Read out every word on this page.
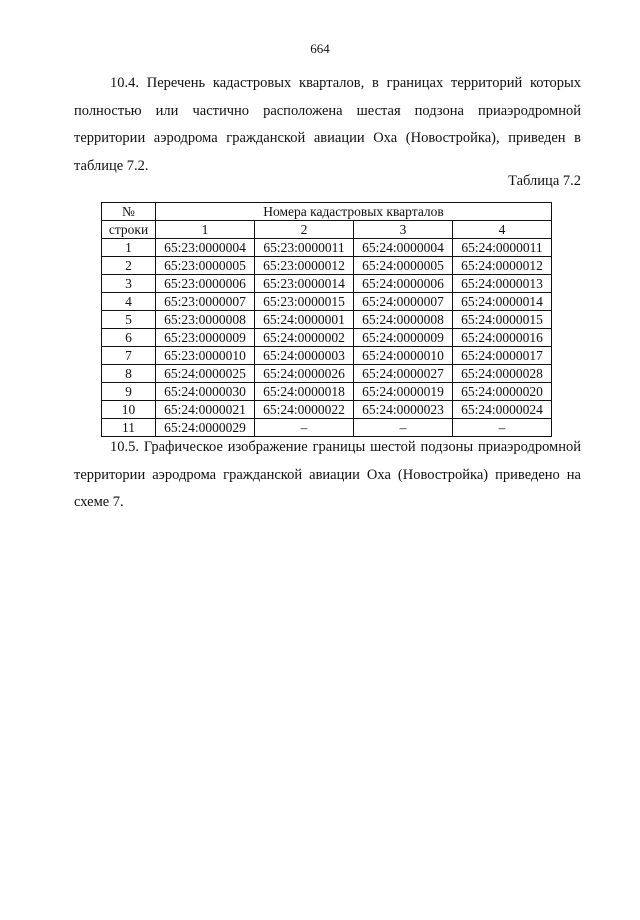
664

10.4. Перечень кадастровых кварталов, в границах территорий которых
полностью или частично расположена шестая подзона приаэродромной
территории аэродрома гражданской авиации Оха (Новостройка), приведен в
таблице 7.2.

Таблица 7.2
№	Номера кадастровых кварталов			
строки	1	2	3	4
1	65:23:0000004	65:23:0000011	65:24:0000004	65:24:0000011
2	65:23:0000005	65:23:0000012	65:24:0000005	65:24:0000012
3	65:23:0000006	65:23:0000014	65:24:0000006	65:24:0000013
4	65:23:0000007	65:23:0000015	65:24:0000007	65:24:0000014
5	65:23:0000008	65:24:0000001	65:24:0000008	65:24:0000015
6	65:23:0000009	65:24:0000002	65:24:0000009	65:24:0000016
7	65:23:0000010	65:24:0000003	65:24:0000010	65:24:0000017
8	65:24:0000025	65:24:0000026	65:24:0000027	65:24:0000028
9	65:24:0000030	65:24:0000018	65:24:0000019	65:24:0000020
10	65:24:0000021	65:24:0000022	65:24:0000023	65:24:0000024
11	65:24:0000029	–	–	–

10.5. Графическое изображение границы шестой подзоны приаэродромной
территории аэродрома гражданской авиации Оха (Новостройка) приведено на
схеме 7.
